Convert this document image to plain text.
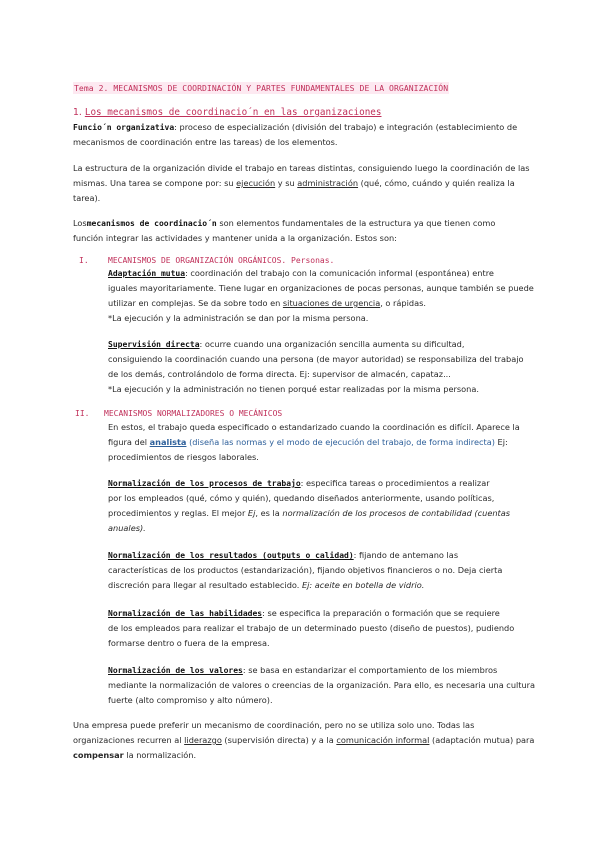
Tema 2. MECANISMOS DE COORDINACIÓN Y PARTES FUNDAMENTALES DE LA ORGANIZACIÓN
1. Los mecanismos de coordinacio´n en las organizaciones

Funcio´n organizativa: proceso de especialización (división del trabajo) e integración (establecimiento de

mecanismos de coordinación entre las tareas) de los elementos.

La estructura de la organización divide el trabajo en tareas distintas, consiguiendo luego la coordinación de las

mismas. Una tarea se compone por: su ejecución y su administración (qué, cómo, cuándo y quién realiza la

tarea).

Losmecanismos de coordinacio´n son elementos fundamentales de la estructura ya que tienen como

función integrar las actividades y mantener unida a la organización. Estos son:

I. MECANISMOS DE ORGANIZACIÓN ORGÁNICOS. Personas.

Adaptación mutua: coordinación del trabajo con la comunicación informal (espontánea) entre

iguales mayoritariamente. Tiene lugar en organizaciones de pocas personas, aunque también se puede

utilizar en complejas. Se da sobre todo en situaciones de urgencia, o rápidas.

*La ejecución y la administración se dan por la misma persona.

Supervisión directa: ocurre cuando una organización sencilla aumenta su dificultad,

consiguiendo la coordinación cuando una persona (de mayor autoridad) se responsabiliza del trabajo

de los demás, controlándolo de forma directa. Ej: supervisor de almacén, capataz...

*La ejecución y la administración no tienen porqué estar realizadas por la misma persona.

II. MECANISMOS NORMALIZADORES O MECÁNICOS

En estos, el trabajo queda especificado o estandarizado cuando la coordinación es difícil. Aparece la

figura del analista (diseña las normas y el modo de ejecución del trabajo, de forma indirecta) Ej:

procedimientos de riesgos laborales.

Normalización de los procesos de trabajo: especifica tareas o procedimientos a realizar

por los empleados (qué, cómo y quién), quedando diseñados anteriormente, usando políticas,

procedimientos y reglas. El mejor Ej, es la normalización de los procesos de contabilidad (cuentas

anuales).

Normalización de los resultados (outputs o calidad): fijando de antemano las

características de los productos (estandarización), fijando objetivos financieros o no. Deja cierta

discreción para llegar al resultado establecido. Ej: aceite en botella de vidrio.

Normalización de las habilidades: se especifica la preparación o formación que se requiere

de los empleados para realizar el trabajo de un determinado puesto (diseño de puestos), pudiendo

formarse dentro o fuera de la empresa.

Normalización de los valores: se basa en estandarizar el comportamiento de los miembros

mediante la normalización de valores o creencias de la organización. Para ello, es necesaria una cultura

fuerte (alto compromiso y alto número).

Una empresa puede preferir un mecanismo de coordinación, pero no se utiliza solo uno. Todas las

organizaciones recurren al liderazgo (supervisión directa) y a la comunicación informal (adaptación mutua) para

compensar la normalización.
